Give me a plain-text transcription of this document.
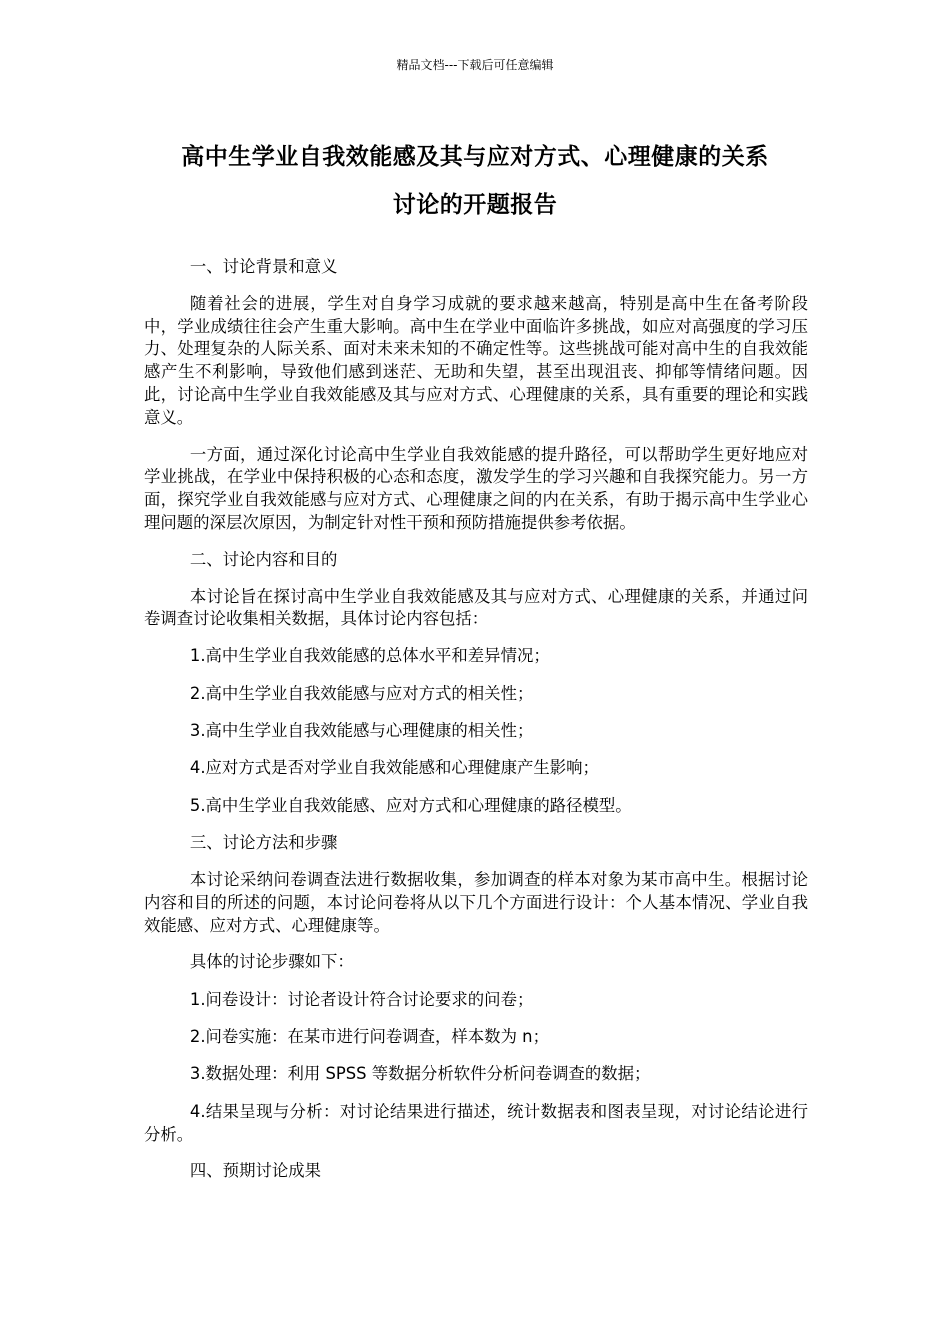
精品文档---下载后可任意编辑
高中生学业自我效能感及其与应对方式、心理健康的关系
讨论的开题报告
一、讨论背景和意义
随着社会的进展，学生对自身学习成就的要求越来越高，特别是高中生在备考阶段中，学业成绩往往会产生重大影响。高中生在学业中面临许多挑战，如应对高强度的学习压力、处理复杂的人际关系、面对未来未知的不确定性等。这些挑战可能对高中生的自我效能感产生不利影响，导致他们感到迷茫、无助和失望，甚至出现沮丧、抑郁等情绪问题。因此，讨论高中生学业自我效能感及其与应对方式、心理健康的关系，具有重要的理论和实践意义。
一方面，通过深化讨论高中生学业自我效能感的提升路径，可以帮助学生更好地应对学业挑战，在学业中保持积极的心态和态度，激发学生的学习兴趣和自我探究能力。另一方面，探究学业自我效能感与应对方式、心理健康之间的内在关系，有助于揭示高中生学业心理问题的深层次原因，为制定针对性干预和预防措施提供参考依据。
二、讨论内容和目的
本讨论旨在探讨高中生学业自我效能感及其与应对方式、心理健康的关系，并通过问卷调查讨论收集相关数据，具体讨论内容包括：
1.高中生学业自我效能感的总体水平和差异情况；
2.高中生学业自我效能感与应对方式的相关性；
3.高中生学业自我效能感与心理健康的相关性；
4.应对方式是否对学业自我效能感和心理健康产生影响；
5.高中生学业自我效能感、应对方式和心理健康的路径模型。
三、讨论方法和步骤
本讨论采纳问卷调查法进行数据收集，参加调查的样本对象为某市高中生。根据讨论内容和目的所述的问题，本讨论问卷将从以下几个方面进行设计：个人基本情况、学业自我效能感、应对方式、心理健康等。
具体的讨论步骤如下：
1.问卷设计：讨论者设计符合讨论要求的问卷；
2.问卷实施：在某市进行问卷调查，样本数为 n；
3.数据处理：利用 SPSS 等数据分析软件分析问卷调查的数据；
4.结果呈现与分析：对讨论结果进行描述，统计数据表和图表呈现，对讨论结论进行分析。
四、预期讨论成果
